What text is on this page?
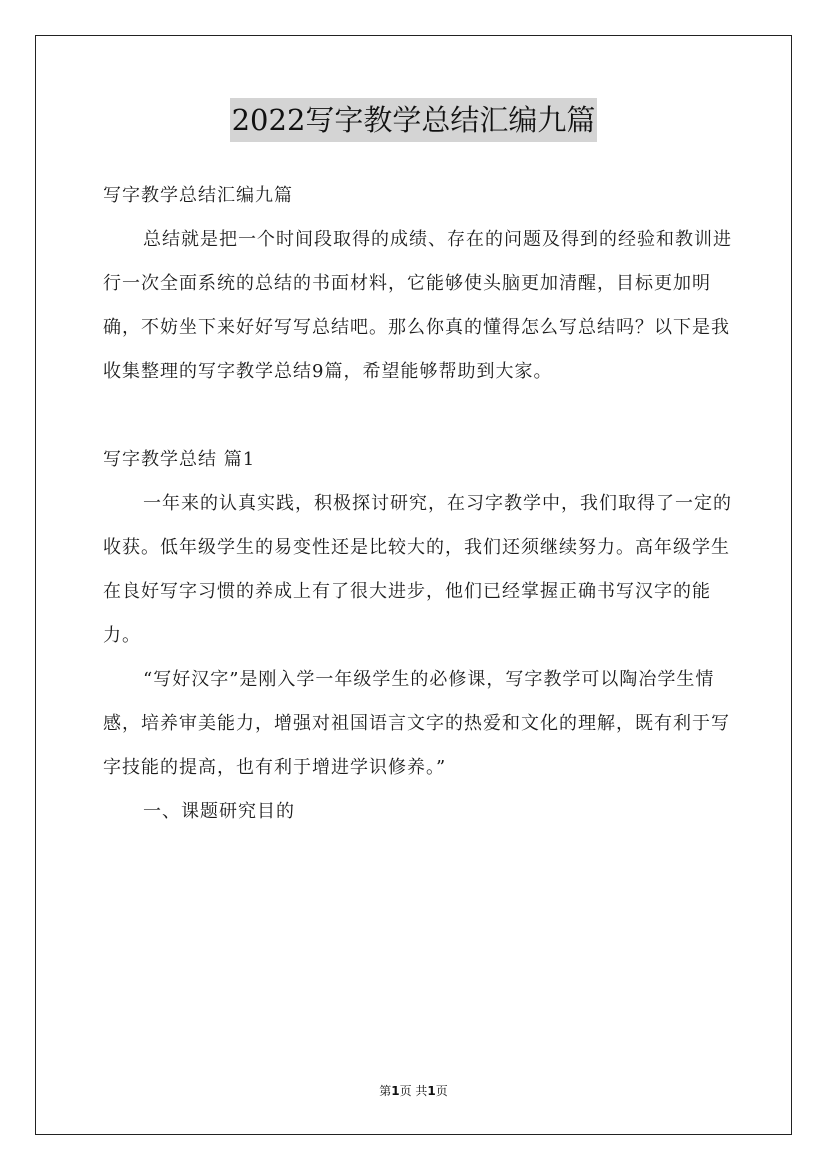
2022写字教学总结汇编九篇

写字教学总结汇编九篇

总结就是把一个时间段取得的成绩、存在的问题及得到的经验和教训进行一次全面系统的总结的书面材料，它能够使头脑更加清醒，目标更加明确，不妨坐下来好好写写总结吧。那么你真的懂得怎么写总结吗？以下是我收集整理的写字教学总结9篇，希望能够帮助到大家。

写字教学总结 篇1

一年来的认真实践，积极探讨研究，在习字教学中，我们取得了一定的收获。低年级学生的易变性还是比较大的，我们还须继续努力。高年级学生在良好写字习惯的养成上有了很大进步，他们已经掌握正确书写汉字的能力。

“写好汉字”是刚入学一年级学生的必修课，写字教学可以陶冶学生情感，培养审美能力，增强对祖国语言文字的热爱和文化的理解，既有利于写字技能的提高，也有利于增进学识修养。”

一、课题研究目的

第1页 共1页
